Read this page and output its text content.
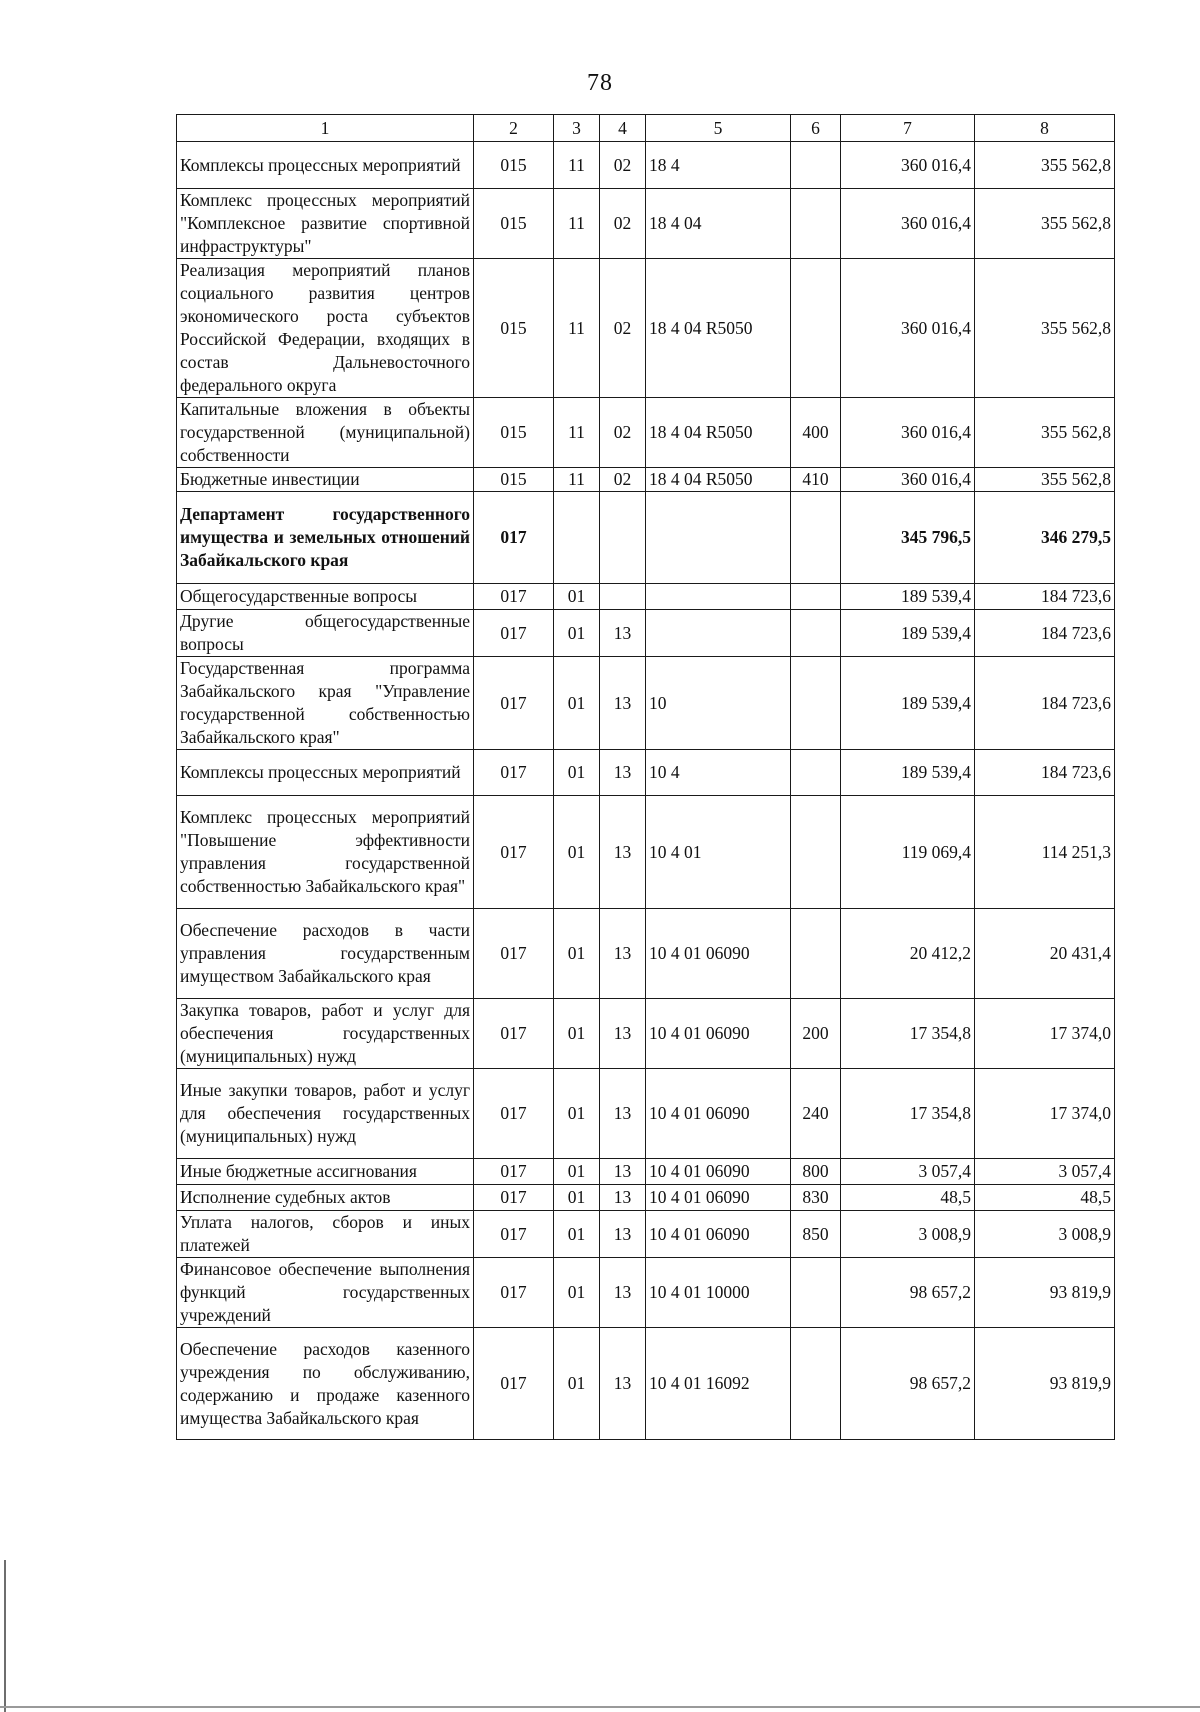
78
1	2	3	4	5	6	7	8
Комплексы процессных мероприятий	015	11	02	18 4		360 016,4	355 562,8
Комплекс процессных мероприятий "Комплексное развитие спортивной инфраструктуры"	015	11	02	18 4 04		360 016,4	355 562,8
Реализация мероприятий планов социального развития центров экономического роста субъектов Российской Федерации, входящих в состав Дальневосточного федерального округа	015	11	02	18 4 04 R5050		360 016,4	355 562,8
Капитальные вложения в объекты государственной (муниципальной) собственности	015	11	02	18 4 04 R5050	400	360 016,4	355 562,8
Бюджетные инвестиции	015	11	02	18 4 04 R5050	410	360 016,4	355 562,8
Департамент государственного имущества и земельных отношений Забайкальского края	017					345 796,5	346 279,5
Общегосударственные вопросы	017	01				189 539,4	184 723,6
Другие общегосударственные вопросы	017	01	13			189 539,4	184 723,6
Государственная программа Забайкальского края "Управление государственной собственностью Забайкальского края"	017	01	13	10		189 539,4	184 723,6
Комплексы процессных мероприятий	017	01	13	10 4		189 539,4	184 723,6
Комплекс процессных мероприятий "Повышение эффективности управления государственной собственностью Забайкальского края"	017	01	13	10 4 01		119 069,4	114 251,3
Обеспечение расходов в части управления государственным имуществом Забайкальского края	017	01	13	10 4 01 06090		20 412,2	20 431,4
Закупка товаров, работ и услуг для обеспечения государственных (муниципальных) нужд	017	01	13	10 4 01 06090	200	17 354,8	17 374,0
Иные закупки товаров, работ и услуг для обеспечения государственных (муниципальных) нужд	017	01	13	10 4 01 06090	240	17 354,8	17 374,0
Иные бюджетные ассигнования	017	01	13	10 4 01 06090	800	3 057,4	3 057,4
Исполнение судебных актов	017	01	13	10 4 01 06090	830	48,5	48,5
Уплата налогов, сборов и иных платежей	017	01	13	10 4 01 06090	850	3 008,9	3 008,9
Финансовое обеспечение выполнения функций государственных учреждений	017	01	13	10 4 01 10000		98 657,2	93 819,9
Обеспечение расходов казенного учреждения по обслуживанию, содержанию и продаже казенного имущества Забайкальского края	017	01	13	10 4 01 16092		98 657,2	93 819,9
